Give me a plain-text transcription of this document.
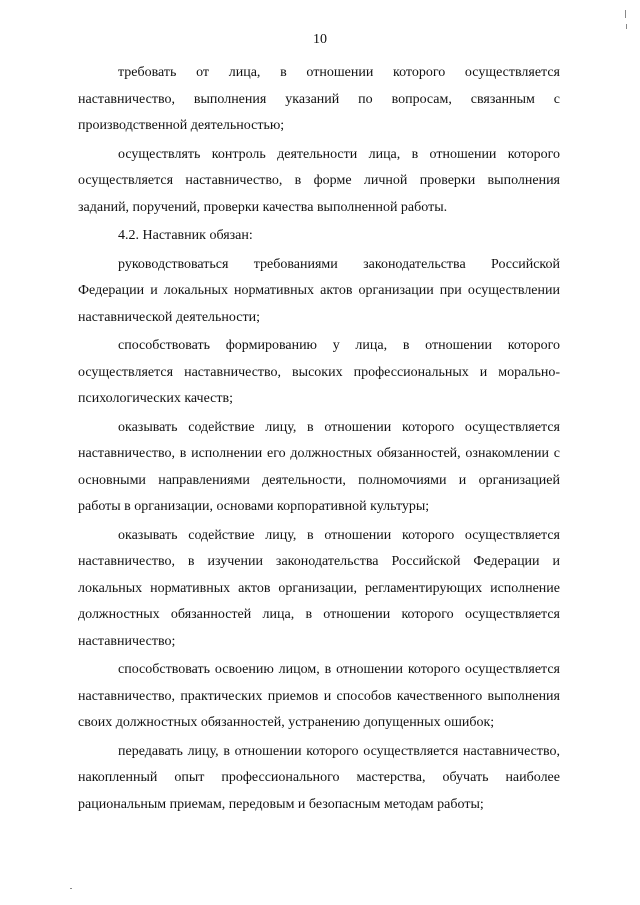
10

требовать от лица, в отношении которого осуществляется наставничество, выполнения указаний по вопросам, связанным с производственной деятельностью;

осуществлять контроль деятельности лица, в отношении которого осуществляется наставничество, в форме личной проверки выполнения заданий, поручений, проверки качества выполненной работы.

4.2. Наставник обязан:

руководствоваться требованиями законодательства Российской Федерации и локальных нормативных актов организации при осуществлении наставнической деятельности;

способствовать формированию у лица, в отношении которого осуществляется наставничество, высоких профессиональных и морально-психологических качеств;

оказывать содействие лицу, в отношении которого осуществляется наставничество, в исполнении его должностных обязанностей, ознакомлении с основными направлениями деятельности, полномочиями и организацией работы в организации, основами корпоративной культуры;

оказывать содействие лицу, в отношении которого осуществляется наставничество, в изучении законодательства Российской Федерации и локальных нормативных актов организации, регламентирующих исполнение должностных обязанностей лица, в отношении которого осуществляется наставничество;

способствовать освоению лицом, в отношении которого осуществляется наставничество, практических приемов и способов качественного выполнения своих должностных обязанностей, устранению допущенных ошибок;

передавать лицу, в отношении которого осуществляется наставничество, накопленный опыт профессионального мастерства, обучать наиболее рациональным приемам, передовым и безопасным методам работы;
